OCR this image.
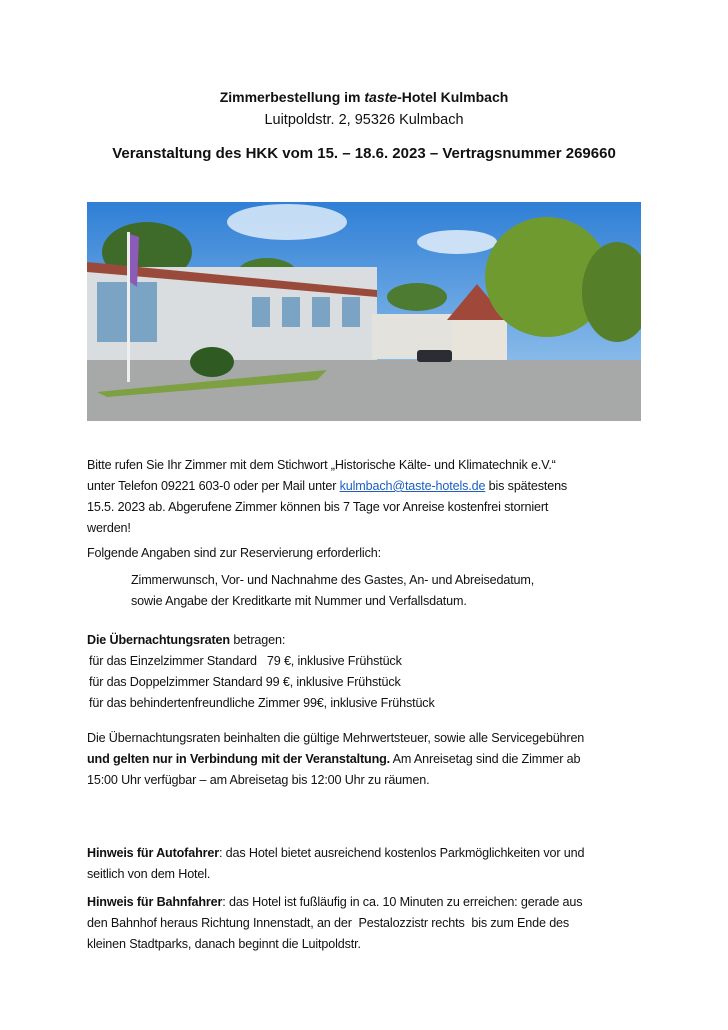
Zimmerbestellung im taste-Hotel Kulmbach
Luitpoldstr. 2, 95326 Kulmbach
Veranstaltung des HKK vom 15. – 18.6. 2023 – Vertragsnummer 269660
Bitte rufen Sie Ihr Zimmer mit dem Stichwort „Historische Kälte- und Klimatechnik e.V.“
unter Telefon 09221 603-0 oder per Mail unter kulmbach@taste-hotels.de bis spätestens
15.5. 2023 ab. Abgerufene Zimmer können bis 7 Tage vor Anreise kostenfrei storniert
werden!
Folgende Angaben sind zur Reservierung erforderlich:
Zimmerwunsch, Vor- und Nachnahme des Gastes, An- und Abreisedatum,
sowie Angabe der Kreditkarte mit Nummer und Verfallsdatum.
Die Übernachtungsraten betragen:
für das Einzelzimmer Standard   79 €, inklusive Frühstück
für das Doppelzimmer Standard 99 €, inklusive Frühstück
für das behindertenfreundliche Zimmer 99€, inklusive Frühstück
Die Übernachtungsraten beinhalten die gültige Mehrwertsteuer, sowie alle Servicegebühren
und gelten nur in Verbindung mit der Veranstaltung. Am Anreisetag sind die Zimmer ab
15:00 Uhr verfügbar – am Abreisetag bis 12:00 Uhr zu räumen.
Hinweis für Autofahrer: das Hotel bietet ausreichend kostenlos Parkmöglichkeiten vor und
seitlich von dem Hotel.
Hinweis für Bahnfahrer: das Hotel ist fußläufig in ca. 10 Minuten zu erreichen: gerade aus
den Bahnhof heraus Richtung Innenstadt, an der  Pestalozzistr rechts  bis zum Ende des
kleinen Stadtparks, danach beginnt die Luitpoldstr.
